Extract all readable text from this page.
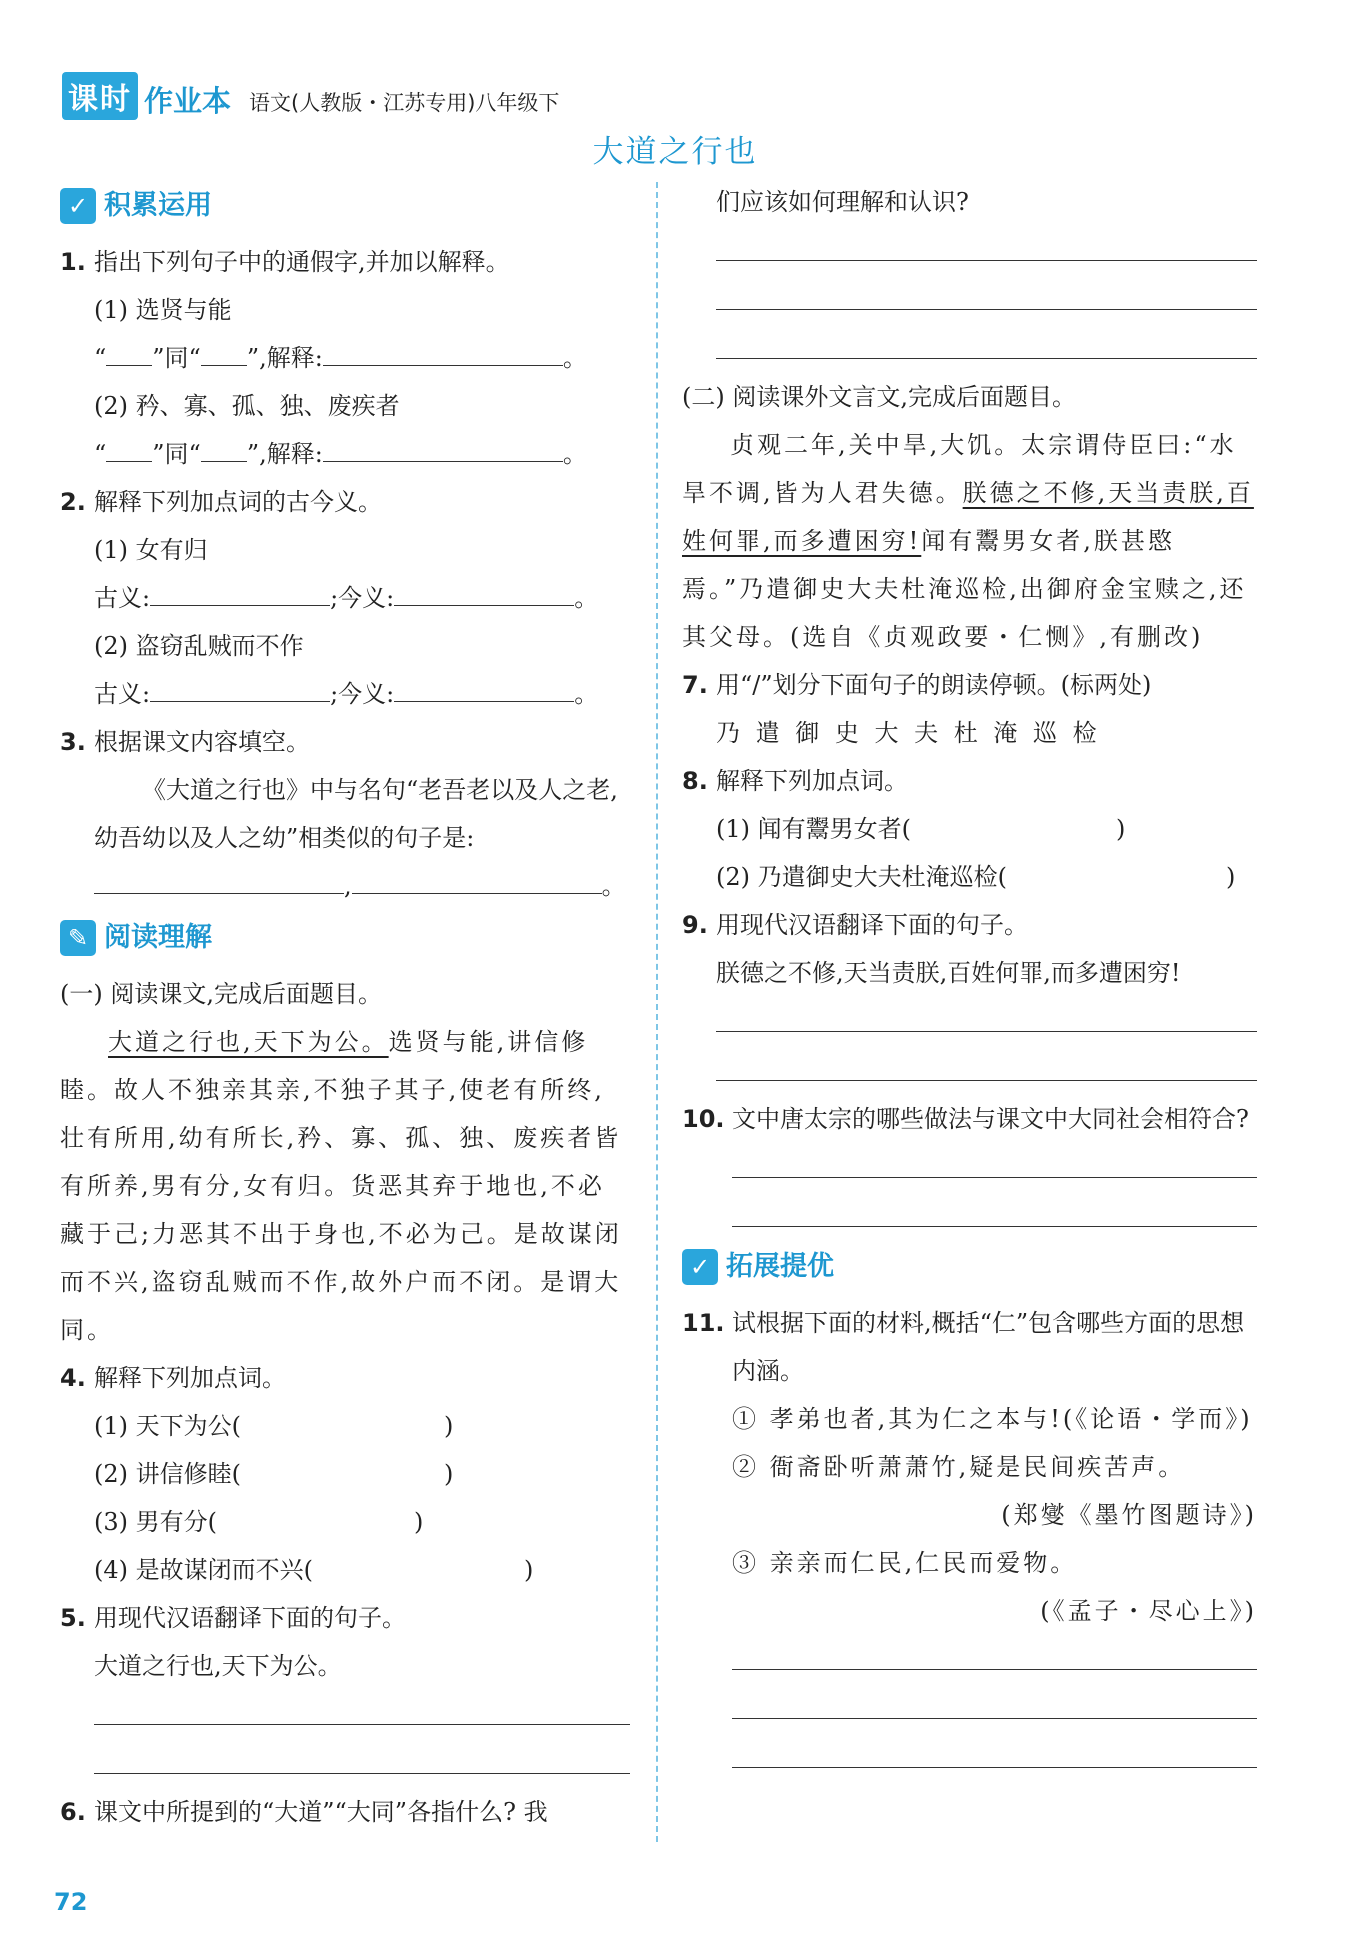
课时 作业本 语文(人教版・江苏专用)八年级下
大道之行也
✓ 积累运用
1. 指出下列句子中的通假字,并加以解释。
(1) 选贤与能
“ ”同“ ”,解释:	。
(2) 矜、寡、孤、独、废疾者
“ ”同“ ”,解释:	。
2. 解释下列加点词的古今义。
(1) 女有归
古义:	;今义:	。
(2) 盗窃乱贼而不作
古义:	;今义:	。
3. 根据课文内容填空。
《大道之行也》中与名句“老吾老以及人之老,幼吾幼以及人之幼”相类似的句子是:
,	。
✎ 阅读理解
(一) 阅读课文,完成后面题目。
大道之行也,天下为公。选贤与能,讲信修睦。故人不独亲其亲,不独子其子,使老有所终,壮有所用,幼有所长,矜、寡、孤、独、废疾者皆有所养,男有分,女有归。货恶其弃于地也,不必藏于己;力恶其不出于身也,不必为己。是故谋闭而不兴,盗窃乱贼而不作,故外户而不闭。是谓大同。
4. 解释下列加点词。
(1) 天下为公(	)
(2) 讲信修睦(	)
(3) 男有分(	)
(4) 是故谋闭而不兴(	)
5. 用现代汉语翻译下面的句子。
大道之行也,天下为公。
6. 课文中所提到的“大道”“大同”各指什么? 我
们应该如何理解和认识?
(二) 阅读课外文言文,完成后面题目。
贞观二年,关中旱,大饥。太宗谓侍臣曰:“水旱不调,皆为人君失德。朕德之不修,天当责朕,百姓何罪,而多遭困穷!闻有鬻男女者,朕甚愍焉。”乃遣御史大夫杜淹巡检,出御府金宝赎之,还其父母。(选自《贞观政要・仁恻》,有删改)
7. 用“/”划分下面句子的朗读停顿。(标两处)
乃 遣 御 史 大 夫 杜 淹 巡 检
8. 解释下列加点词。
(1) 闻有鬻男女者(	)
(2) 乃遣御史大夫杜淹巡检(	)
9. 用现代汉语翻译下面的句子。
朕德之不修,天当责朕,百姓何罪,而多遭困穷!
10. 文中唐太宗的哪些做法与课文中大同社会相符合?
✓ 拓展提优
11. 试根据下面的材料,概括“仁”包含哪些方面的思想内涵。
① 孝弟也者,其为仁之本与!(《论语・学而》)
② 衙斋卧听萧萧竹,疑是民间疾苦声。
(郑燮《墨竹图题诗》)
③ 亲亲而仁民,仁民而爱物。
(《孟子・尽心上》)
72
